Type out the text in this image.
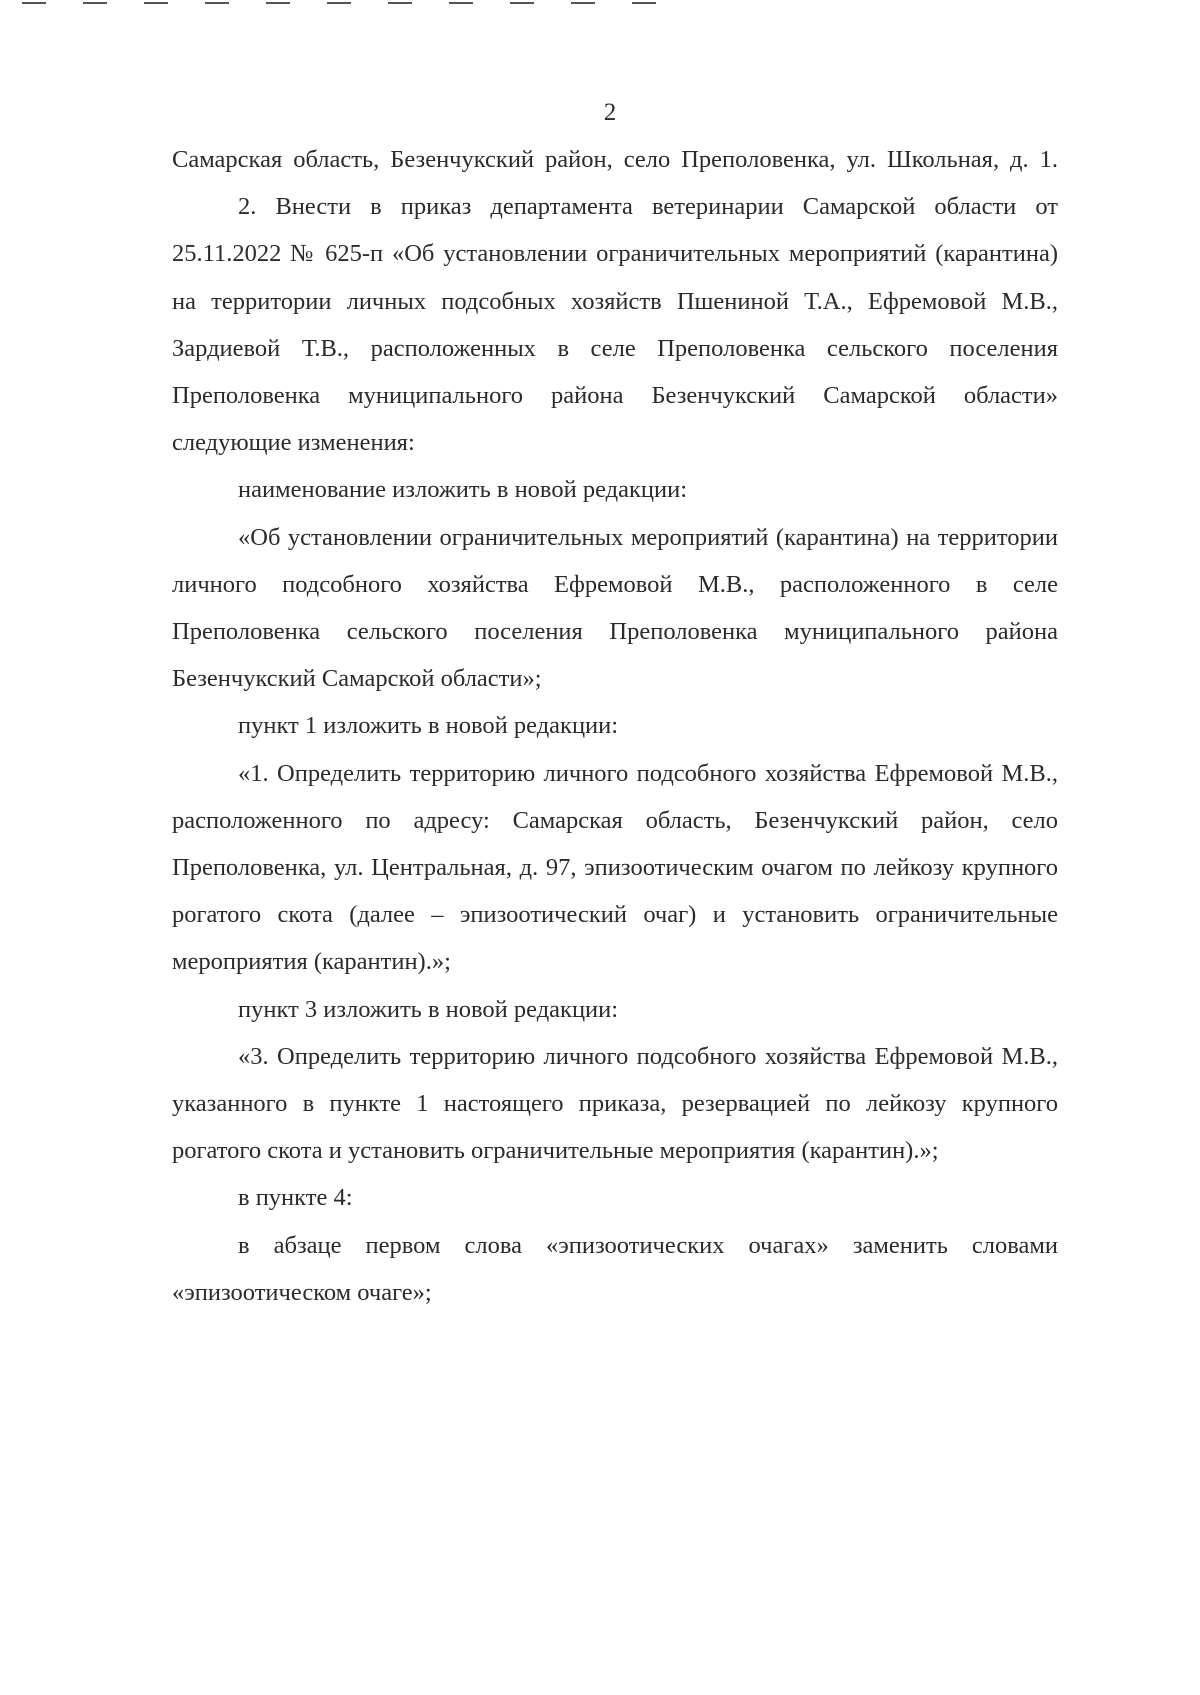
2

Самарская область, Безенчукский район, село Преполовенка, ул. Школьная, д. 1.

2. Внести в приказ департамента ветеринарии Самарской области от 25.11.2022 № 625-п «Об установлении ограничительных мероприятий (карантина) на территории личных подсобных хозяйств Пшениной Т.А., Ефремовой М.В., Зардиевой Т.В., расположенных в селе Преполовенка сельского поселения Преполовенка муниципального района Безенчукский Самарской области» следующие изменения:

наименование изложить в новой редакции:

«Об установлении ограничительных мероприятий (карантина) на территории личного подсобного хозяйства Ефремовой М.В., расположенного в селе Преполовенка сельского поселения Преполовенка муниципального района Безенчукский Самарской области»;

пункт 1 изложить в новой редакции:

«1. Определить территорию личного подсобного хозяйства Ефремовой М.В., расположенного по адресу: Самарская область, Безенчукский район, село Преполовенка, ул. Центральная, д. 97, эпизоотическим очагом по лейкозу крупного рогатого скота (далее – эпизоотический очаг) и установить ограничительные мероприятия (карантин).»;

пункт 3 изложить в новой редакции:

«3. Определить территорию личного подсобного хозяйства Ефремовой М.В., указанного в пункте 1 настоящего приказа, резервацией по лейкозу крупного рогатого скота и установить ограничительные мероприятия (карантин).»;

в пункте 4:

в абзаце первом слова «эпизоотических очагах» заменить словами «эпизоотическом очаге»;
